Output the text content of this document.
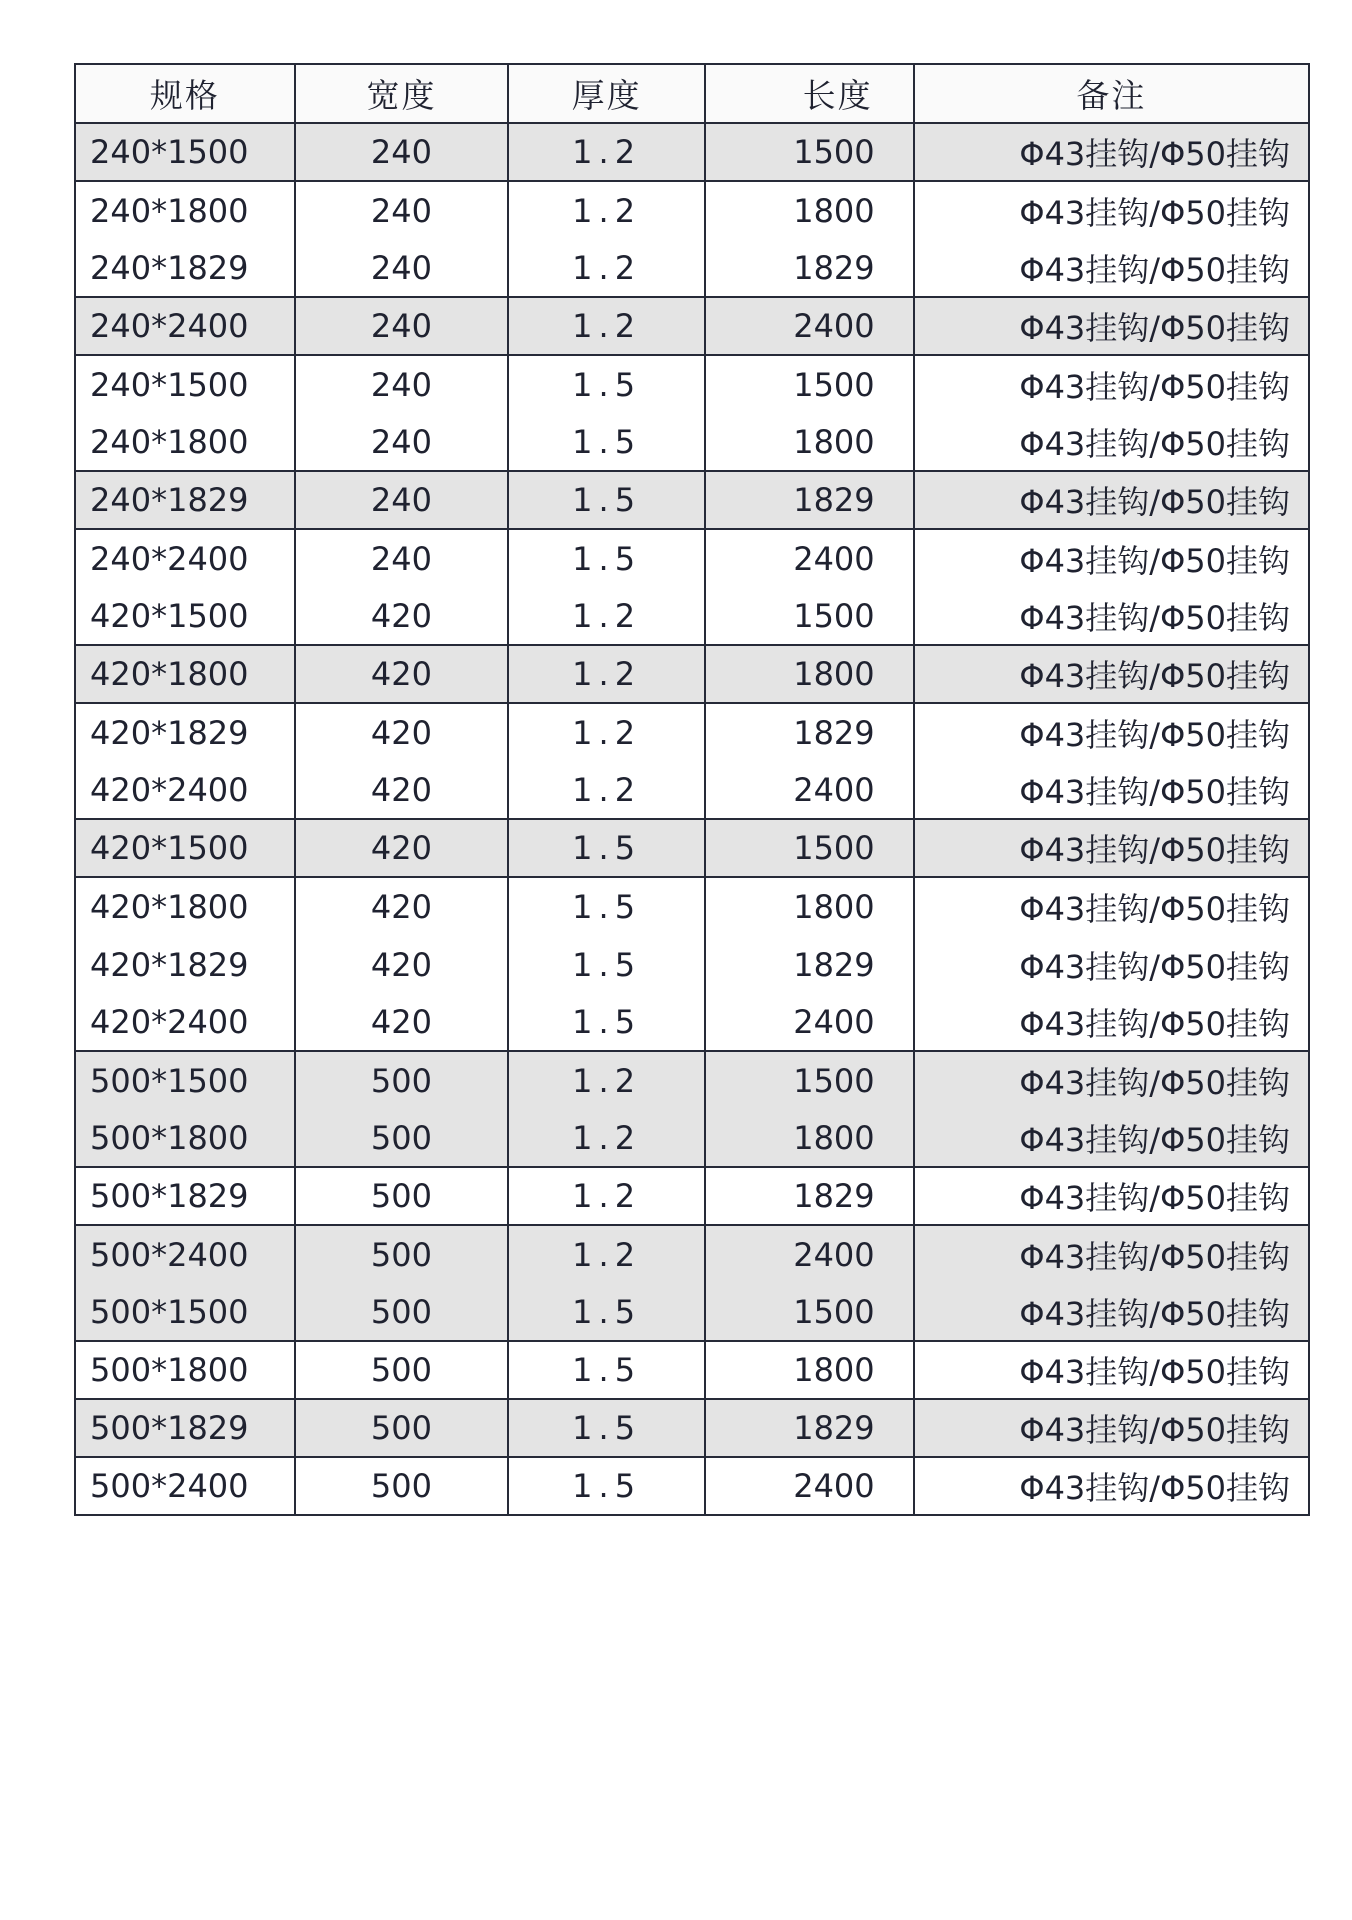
规格	宽度	厚度	长度	备注
240*1500	240	1.2	1500	Φ43挂钩/Φ50挂钩
240*1800	240	1.2	1800	Φ43挂钩/Φ50挂钩
240*1829	240	1.2	1829	Φ43挂钩/Φ50挂钩
240*2400	240	1.2	2400	Φ43挂钩/Φ50挂钩
240*1500	240	1.5	1500	Φ43挂钩/Φ50挂钩
240*1800	240	1.5	1800	Φ43挂钩/Φ50挂钩
240*1829	240	1.5	1829	Φ43挂钩/Φ50挂钩
240*2400	240	1.5	2400	Φ43挂钩/Φ50挂钩
420*1500	420	1.2	1500	Φ43挂钩/Φ50挂钩
420*1800	420	1.2	1800	Φ43挂钩/Φ50挂钩
420*1829	420	1.2	1829	Φ43挂钩/Φ50挂钩
420*2400	420	1.2	2400	Φ43挂钩/Φ50挂钩
420*1500	420	1.5	1500	Φ43挂钩/Φ50挂钩
420*1800	420	1.5	1800	Φ43挂钩/Φ50挂钩
420*1829	420	1.5	1829	Φ43挂钩/Φ50挂钩
420*2400	420	1.5	2400	Φ43挂钩/Φ50挂钩
500*1500	500	1.2	1500	Φ43挂钩/Φ50挂钩
500*1800	500	1.2	1800	Φ43挂钩/Φ50挂钩
500*1829	500	1.2	1829	Φ43挂钩/Φ50挂钩
500*2400	500	1.2	2400	Φ43挂钩/Φ50挂钩
500*1500	500	1.5	1500	Φ43挂钩/Φ50挂钩
500*1800	500	1.5	1800	Φ43挂钩/Φ50挂钩
500*1829	500	1.5	1829	Φ43挂钩/Φ50挂钩
500*2400	500	1.5	2400	Φ43挂钩/Φ50挂钩
